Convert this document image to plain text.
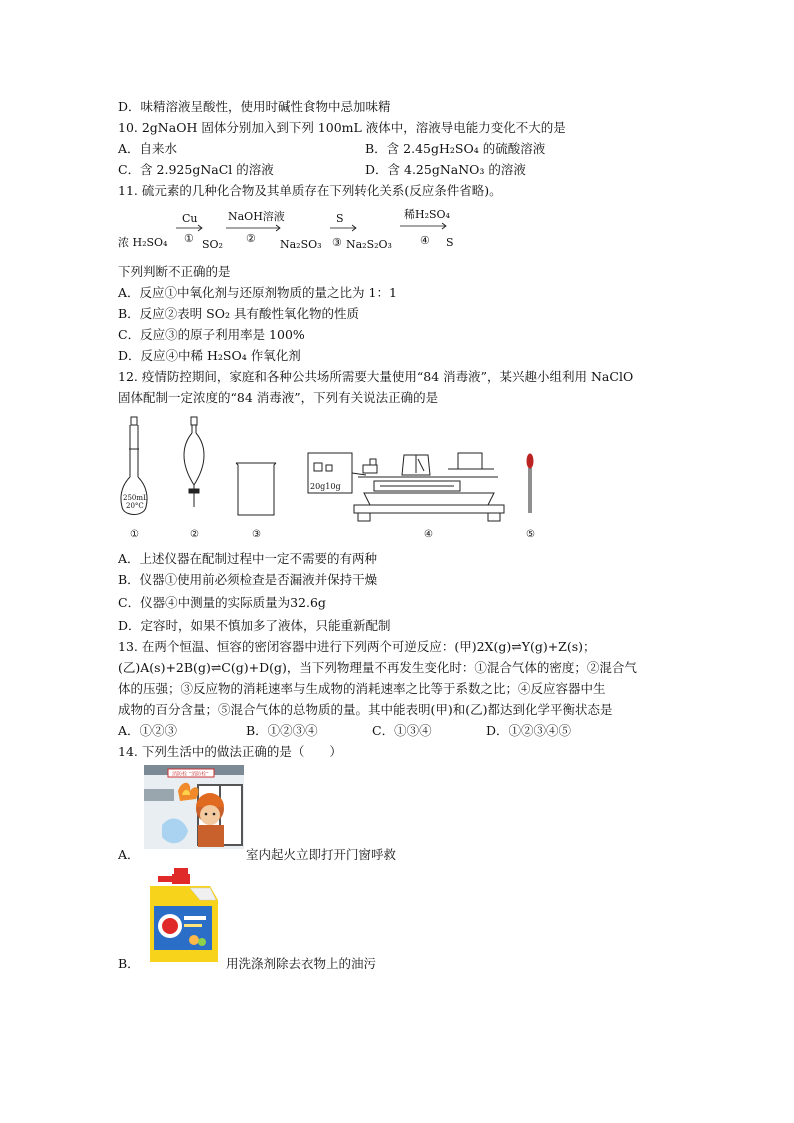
D．味精溶液呈酸性，使用时碱性食物中忌加味精
10. 2gNaOH 固体分别加入到下列 100mL 液体中，溶液导电能力变化不大的是
A．自来水	B．含 2.45gH₂SO₄ 的硫酸溶液
C．含 2.925gNaCl 的溶液	D．含 4.25gNaNO₃ 的溶液
11. 硫元素的几种化合物及其单质存在下列转化关系(反应条件省略)。
浓 H₂SO₄
Cu
① SO₂
NaOH溶液
② Na₂SO₃
S
③ Na₂S₂O₃
稀H₂SO₄
④ S
下列判断不正确的是
A．反应①中氧化剂与还原剂物质的量之比为 1：1
B．反应②表明 SO₂ 具有酸性氧化物的性质
C．反应③的原子利用率是 100%
D．反应④中稀 H₂SO₄ 作氧化剂
12. 疫情防控期间，家庭和各种公共场所需要大量使用“84 消毒液”，某兴趣小组利用 NaClO
固体配制一定浓度的“84 消毒液”，下列有关说法正确的是
250mL
20°C
①	②	③
20g10g
④	⑤
A．上述仪器在配制过程中一定不需要的有两种
B．仪器①使用前必须检查是否漏液并保持干燥
C．仪器④中测量的实际质量为32.6g
D．定容时，如果不慎加多了液体，只能重新配制
13. 在两个恒温、恒容的密闭容器中进行下列两个可逆反应：(甲)2X(g)⇌Y(g)+Z(s)；
(乙)A(s)+2B(g)⇌C(g)+D(g)，当下列物理量不再发生变化时：①混合气体的密度；②混合气
体的压强；③反应物的消耗速率与生成物的消耗速率之比等于系数之比；④反应容器中生
成物的百分含量；⑤混合气体的总物质的量。其中能表明(甲)和(乙)都达到化学平衡状态是
A．①②③	B．①②③④	C．①③④	D．①②③④⑤
14. 下列生活中的做法正确的是（　　）
消防栓 “消防栓”
A．	室内起火立即打开门窗呼救
B．	用洗涤剂除去衣物上的油污
